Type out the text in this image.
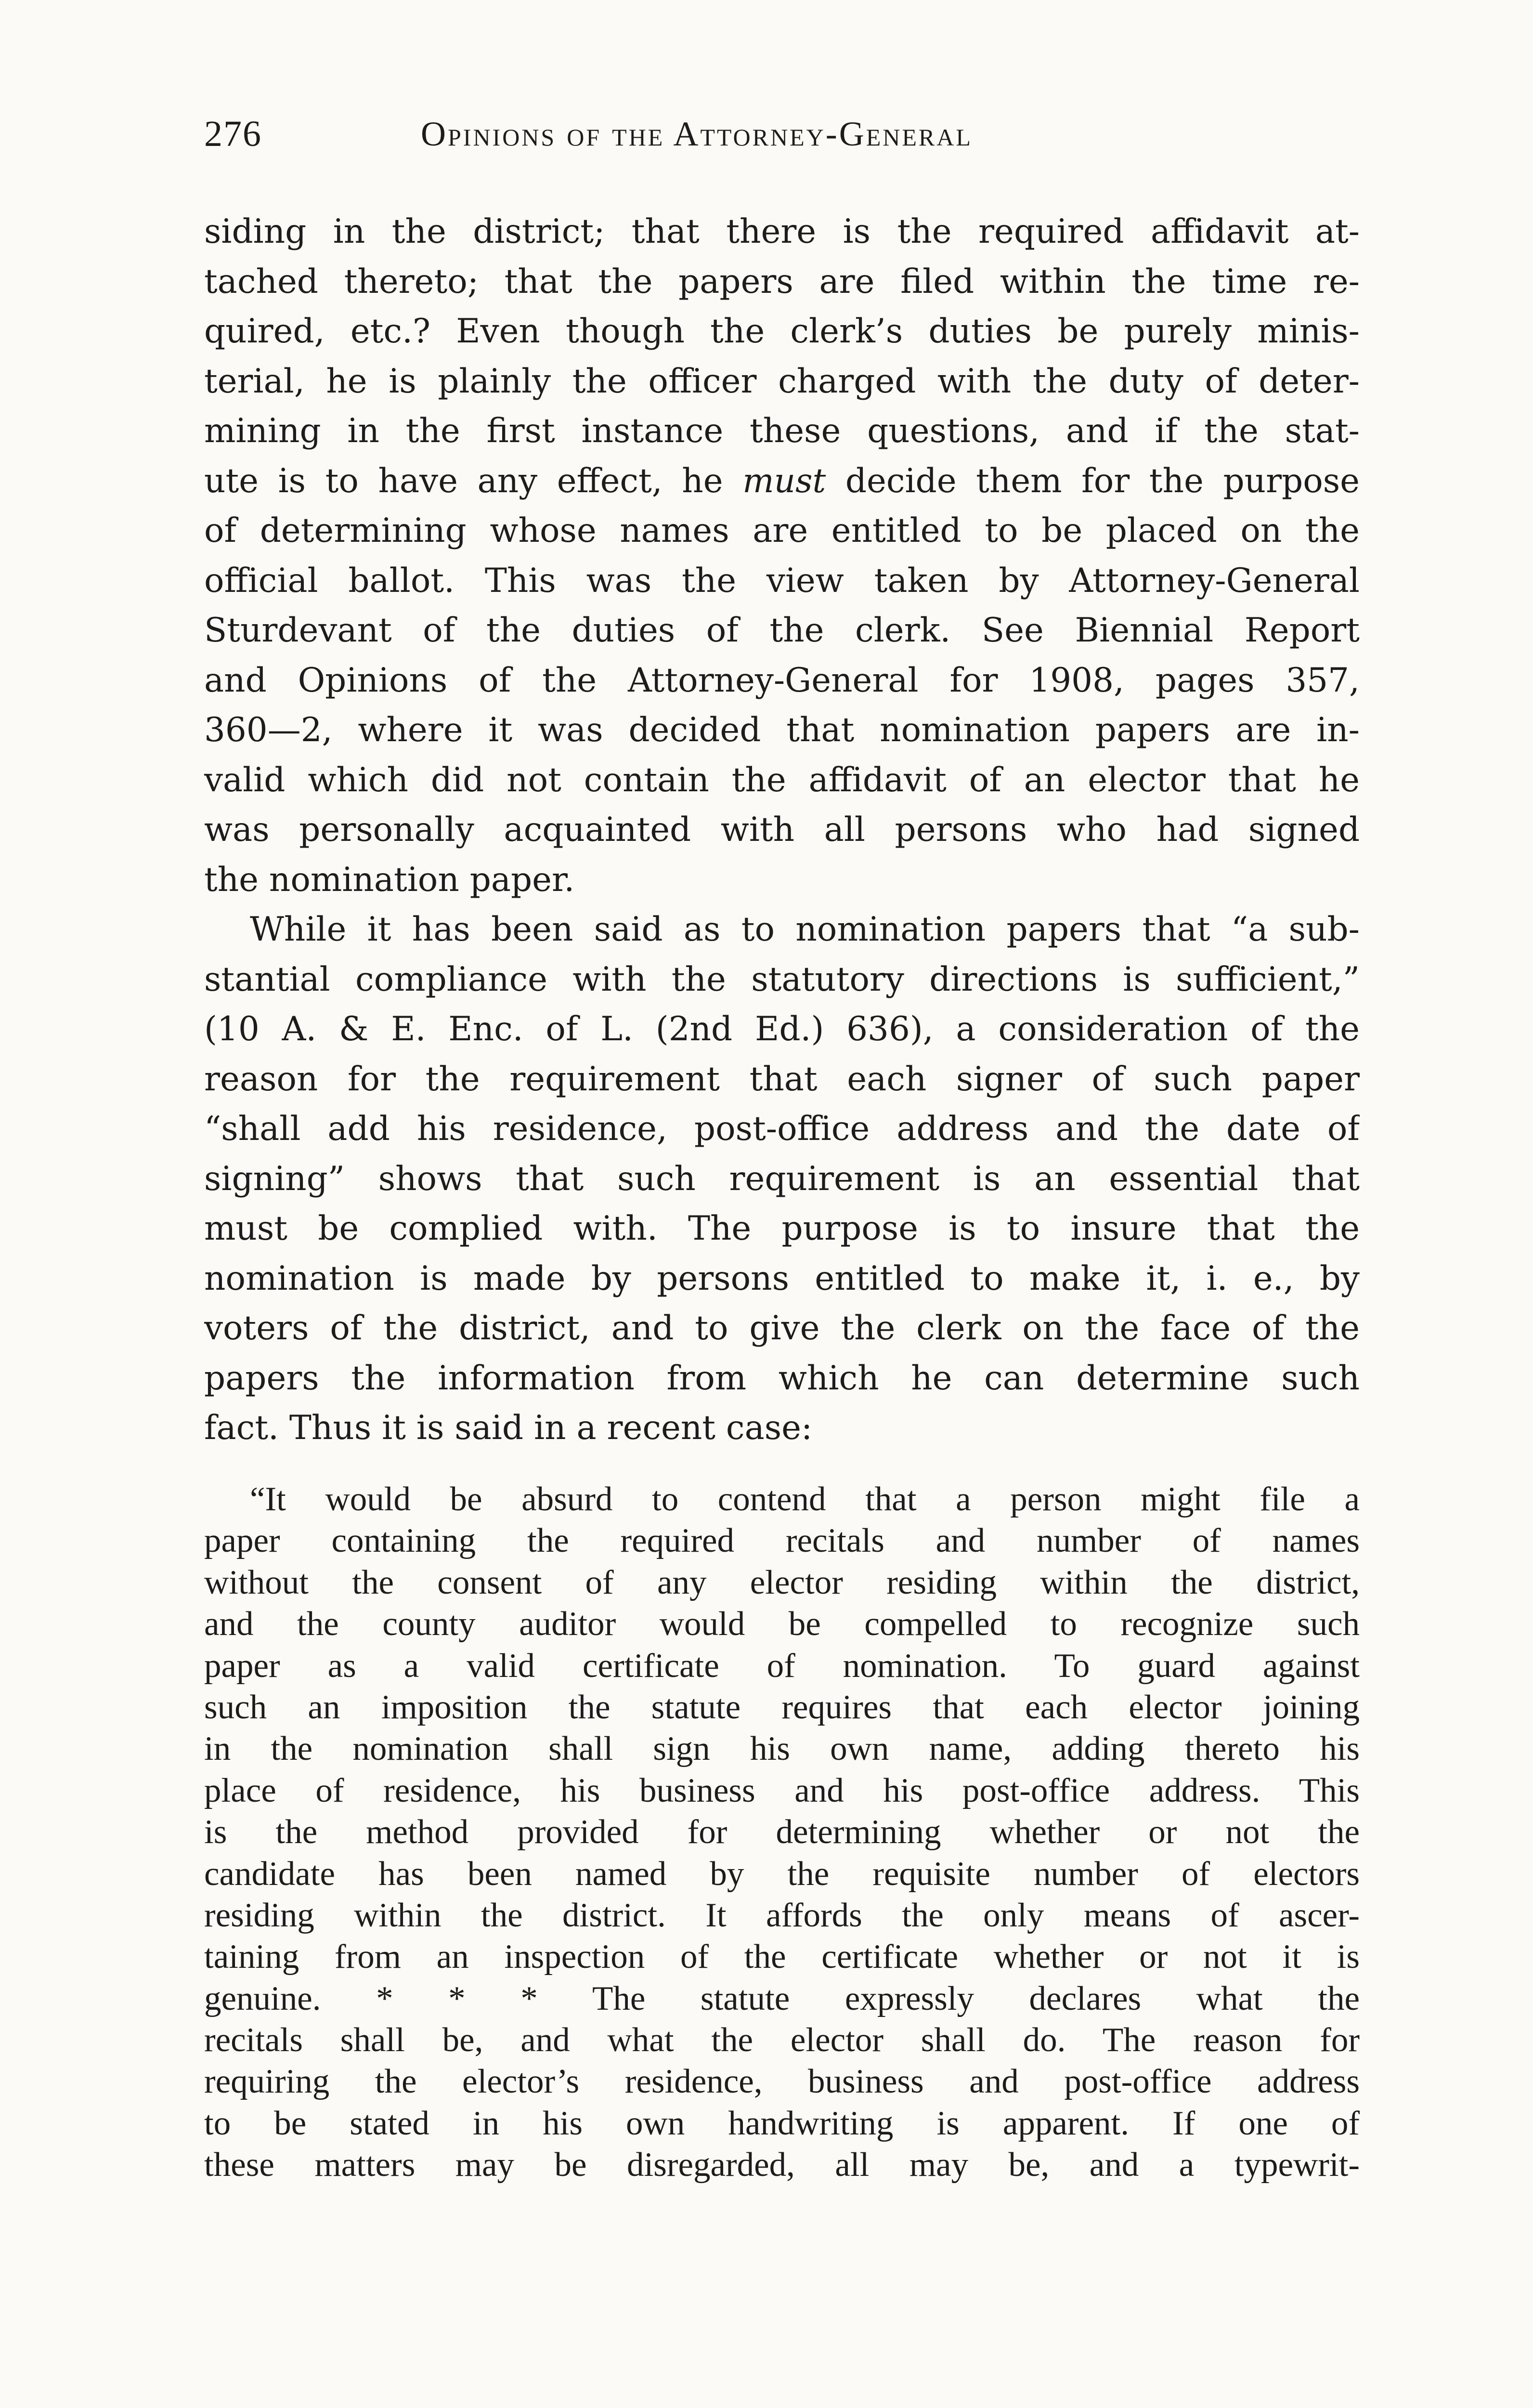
276	Opinions of the Attorney-General
siding in the district; that there is the required affidavit at-
tached thereto; that the papers are filed within the time re-
quired, etc.? Even though the clerk’s duties be purely minis-
terial, he is plainly the officer charged with the duty of deter-
mining in the first instance these questions, and if the stat-
ute is to have any effect, he must decide them for the purpose
of determining whose names are entitled to be placed on the
official ballot. This was the view taken by Attorney-General
Sturdevant of the duties of the clerk. See Biennial Report
and Opinions of the Attorney-General for 1908, pages 357,
360—2, where it was decided that nomination papers are in-
valid which did not contain the affidavit of an elector that he
was personally acquainted with all persons who had signed
the nomination paper.
While it has been said as to nomination papers that “a sub-
stantial compliance with the statutory directions is sufficient,”
(10 A. & E. Enc. of L. (2nd Ed.) 636), a consideration of the
reason for the requirement that each signer of such paper
“shall add his residence, post-office address and the date of
signing” shows that such requirement is an essential that
must be complied with. The purpose is to insure that the
nomination is made by persons entitled to make it, i. e., by
voters of the district, and to give the clerk on the face of the
papers the information from which he can determine such
fact. Thus it is said in a recent case:
“It would be absurd to contend that a person might file a
paper containing the required recitals and number of names
without the consent of any elector residing within the district,
and the county auditor would be compelled to recognize such
paper as a valid certificate of nomination. To guard against
such an imposition the statute requires that each elector joining
in the nomination shall sign his own name, adding thereto his
place of residence, his business and his post-office address. This
is the method provided for determining whether or not the
candidate has been named by the requisite number of electors
residing within the district. It affords the only means of ascer-
taining from an inspection of the certificate whether or not it is
genuine. * * * The statute expressly declares what the
recitals shall be, and what the elector shall do. The reason for
requiring the elector’s residence, business and post-office address
to be stated in his own handwriting is apparent. If one of
these matters may be disregarded, all may be, and a typewrit-
